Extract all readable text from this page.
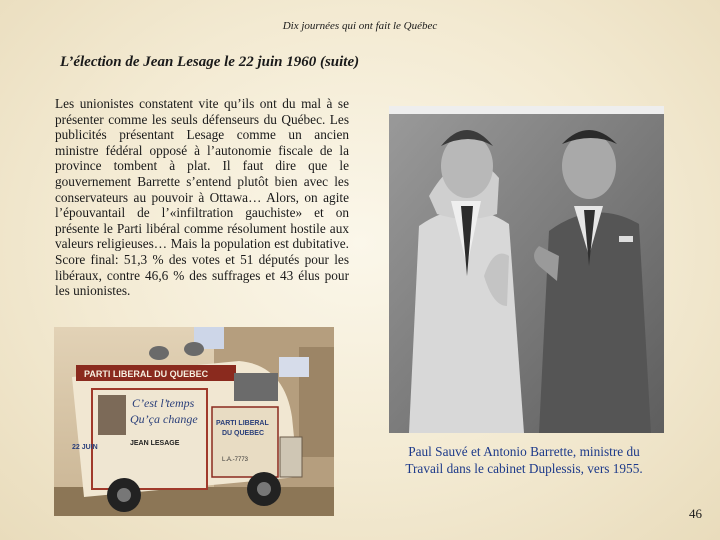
Dix journées qui ont fait le Québec
L’élection de Jean Lesage le 22 juin 1960 (suite)
Les unionistes constatent vite qu’ils ont du mal à se présenter comme les seuls défenseurs du Québec. Les publicités présentant Lesage comme un ancien ministre fédéral opposé à l’autonomie fiscale de la province tombent à plat. Il faut dire que le gouvernement Barrette s’entend plutôt bien avec les conservateurs au pouvoir à Ottawa… Alors, on agite l’épouvantail de l’«infiltration gauchiste» et on présente le Parti libéral comme résolument hostile aux valeurs religieuses… Mais la population est dubitative. Score final: 51,3 % des votes et 51 députés pour les libéraux, contre 46,6 % des suffrages et 43 élus pour les unionistes.
PARTI LIBERAL DU QUEBEC
C’est l’temps
Qu’ça change
JEAN LESAGE
22 JUIN
PARTI LIBERAL
DU QUEBEC
L.A.-7773
Paul Sauvé et Antonio Barrette, ministre du Travail dans le cabinet Duplessis, vers 1955.
46
